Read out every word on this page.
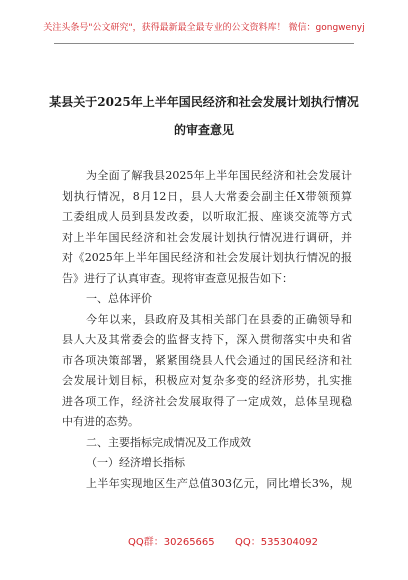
关注头条号"公文研究"，获得最新最全最专业的公文资料库！ 微信：gongwenyj
某县关于2025年上半年国民经济和社会发展计划执行情况
的审查意见
为全面了解我县2025年上半年国民经济和社会发展计
划执行情况，8月12日，县人大常委会副主任X带领预算
工委组成人员到县发改委，以听取汇报、座谈交流等方式
对上半年国民经济和社会发展计划执行情况进行调研，并
对《2025年上半年国民经济和社会发展计划执行情况的报
告》进行了认真审查。现将审查意见报告如下：
一、总体评价
今年以来，县政府及其相关部门在县委的正确领导和
县人大及其常委会的监督支持下，深入贯彻落实中央和省
市各项决策部署，紧紧围绕县人代会通过的国民经济和社
会发展计划目标，积极应对复杂多变的经济形势，扎实推
进各项工作，经济社会发展取得了一定成效，总体呈现稳
中有进的态势。
二、主要指标完成情况及工作成效
（一）经济增长指标
上半年实现地区生产总值303亿元，同比增长3%，规
QQ群：30265665 QQ：535304092
